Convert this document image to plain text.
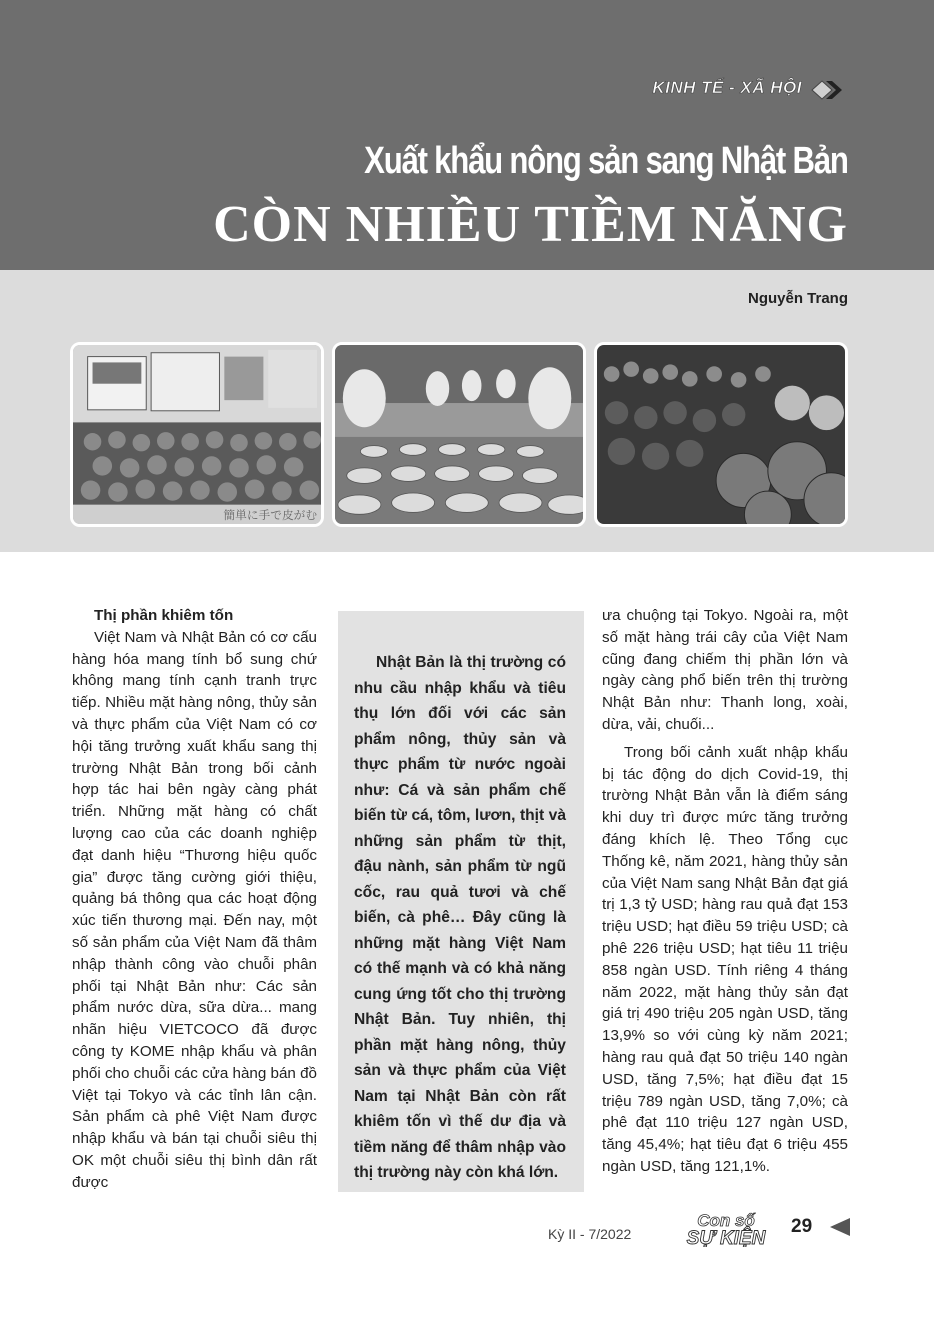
KINH TẾ - XÃ HỘI
Xuất khẩu nông sản sang Nhật Bản
CÒN NHIỀU TIỀM NĂNG
Nguyễn Trang
簡単に手で皮がむ

Thị phần khiêm tốn

Việt Nam và Nhật Bản có cơ cấu hàng hóa mang tính bổ sung chứ không mang tính cạnh tranh trực tiếp. Nhiều mặt hàng nông, thủy sản và thực phẩm của Việt Nam có cơ hội tăng trưởng xuất khẩu sang thị trường Nhật Bản trong bối cảnh hợp tác hai bên ngày càng phát triển. Những mặt hàng có chất lượng cao của các doanh nghiệp đạt danh hiệu “Thương hiệu quốc gia” được tăng cường giới thiệu, quảng bá thông qua các hoạt động xúc tiến thương mại. Đến nay, một số sản phẩm của Việt Nam đã thâm nhập thành công vào chuỗi phân phối tại Nhật Bản như: Các sản phẩm nước dừa, sữa dừa... mang nhãn hiệu VIETCOCO đã được công ty KOME nhập khẩu và phân phối cho chuỗi các cửa hàng bán đồ Việt tại Tokyo và các tỉnh lân cận. Sản phẩm cà phê Việt Nam được nhập khẩu và bán tại chuỗi siêu thị OK một chuỗi siêu thị bình dân rất được

Nhật Bản là thị trường có nhu cầu nhập khẩu và tiêu thụ lớn đối với các sản phẩm nông, thủy sản và thực phẩm từ nước ngoài như: Cá và sản phẩm chế biến từ cá, tôm, lươn, thịt và những sản phẩm từ thịt, đậu nành, sản phẩm từ ngũ cốc, rau quả tươi và chế biến, cà phê… Đây cũng là những mặt hàng Việt Nam có thế mạnh và có khả năng cung ứng tốt cho thị trường Nhật Bản. Tuy nhiên, thị phần mặt hàng nông, thủy sản và thực phẩm của Việt Nam tại Nhật Bản còn rất khiêm tốn vì thế dư địa và tiềm năng để thâm nhập vào thị trường này còn khá lớn.

ưa chuộng tại Tokyo. Ngoài ra, một số mặt hàng trái cây của Việt Nam cũng đang chiếm thị phần lớn và ngày càng phổ biến trên thị trường Nhật Bản như: Thanh long, xoài, dừa, vải, chuối...

Trong bối cảnh xuất nhập khẩu bị tác động do dịch Covid-19, thị trường Nhật Bản vẫn là điểm sáng khi duy trì được mức tăng trưởng đáng khích lệ. Theo Tổng cục Thống kê, năm 2021, hàng thủy sản của Việt Nam sang Nhật Bản đạt giá trị 1,3 tỷ USD; hàng rau quả đạt 153 triệu USD; hạt điều 59 triệu USD; cà phê 226 triệu USD; hạt tiêu 11 triệu 858 ngàn USD. Tính riêng 4 tháng năm 2022, mặt hàng thủy sản đạt giá trị 490 triệu 205 ngàn USD, tăng 13,9% so với cùng kỳ năm 2021; hàng rau quả đạt 50 triệu 140 ngàn USD, tăng 7,5%; hạt điều đạt 15 triệu 789 ngàn USD, tăng 7,0%; cà phê đạt 110 triệu 127 ngàn USD, tăng 45,4%; hạt tiêu đạt 6 triệu 455 ngàn USD, tăng 121,1%.

Kỳ II - 7/2022
Con số
SỰ KIỆN
29
